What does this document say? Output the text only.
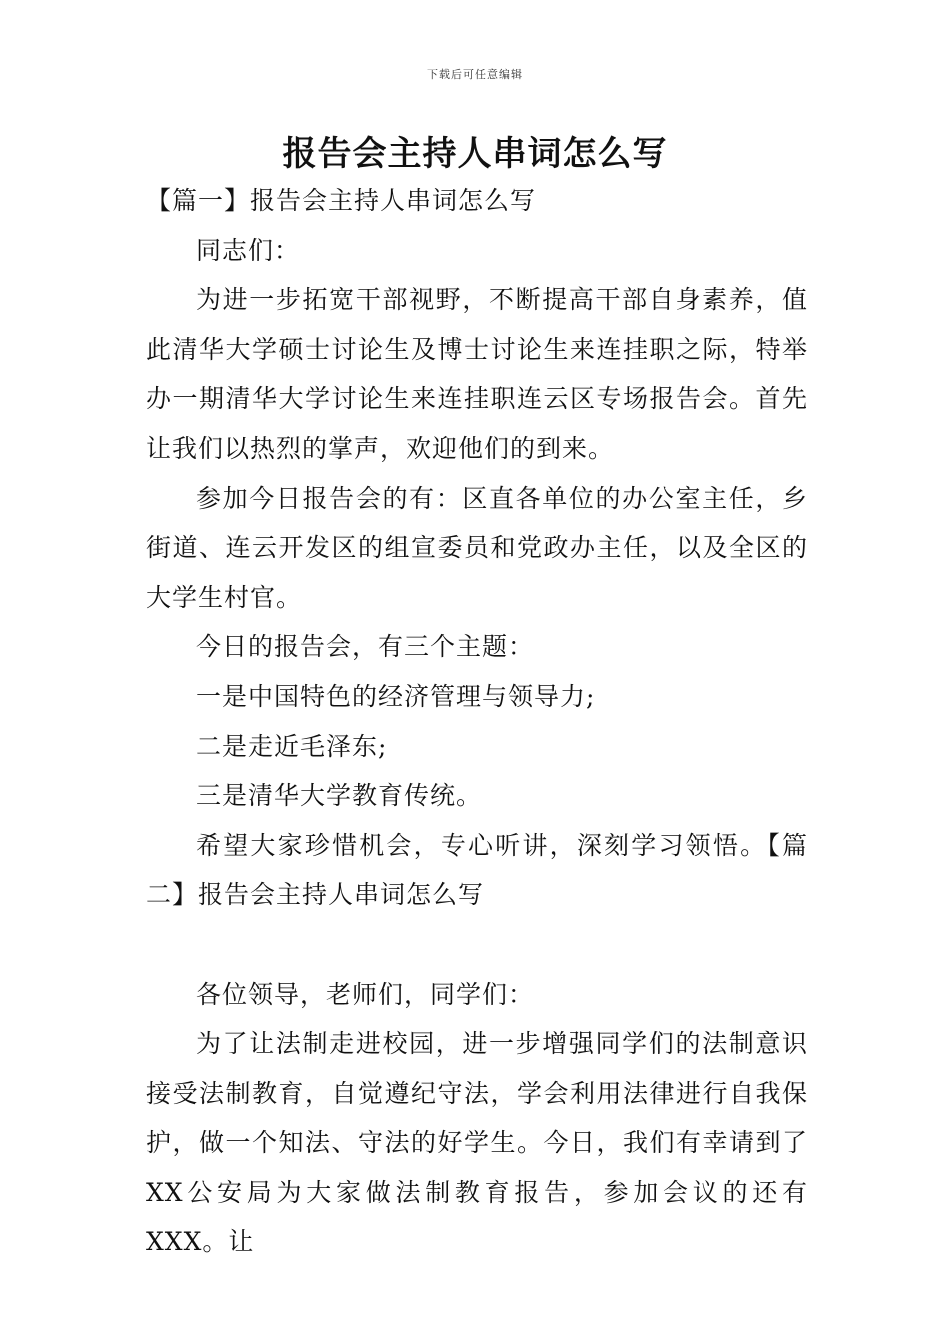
下载后可任意编辑
报告会主持人串词怎么写

【篇一】报告会主持人串词怎么写

同志们：

为进一步拓宽干部视野，不断提高干部自身素养，值此清华大学硕士讨论生及博士讨论生来连挂职之际，特举办一期清华大学讨论生来连挂职连云区专场报告会。首先让我们以热烈的掌声，欢迎他们的到来。

参加今日报告会的有：区直各单位的办公室主任，乡街道、连云开发区的组宣委员和党政办主任，以及全区的大学生村官。

今日的报告会，有三个主题：

一是中国特色的经济管理与领导力;

二是走近毛泽东;

三是清华大学教育传统。

希望大家珍惜机会，专心听讲，深刻学习领悟。【篇二】报告会主持人串词怎么写

各位领导，老师们，同学们：

为了让法制走进校园，进一步增强同学们的法制意识接受法制教育，自觉遵纪守法，学会利用法律进行自我保护，做一个知法、守法的好学生。今日，我们有幸请到了XX公安局为大家做法制教育报告，参加会议的还有XXX。让
